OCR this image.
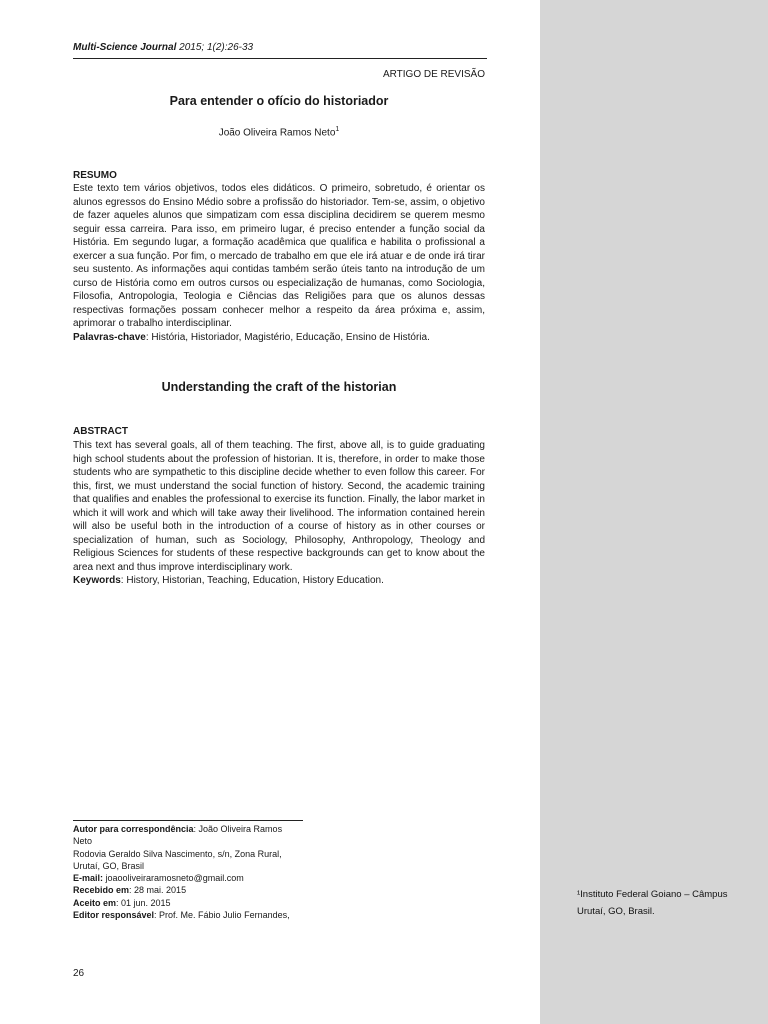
¹Instituto Federal Goiano – Câmpus Urutaí, GO, Brasil.
Multi-Science Journal 2015; 1(2):26-33
ARTIGO DE REVISÃO
Para entender o ofício do historiador
João Oliveira Ramos Neto$^1$
RESUMO
Este texto tem vários objetivos, todos eles didáticos. O primeiro, sobretudo, é orientar os alunos egressos do Ensino Médio sobre a profissão do historiador. Tem-se, assim, o objetivo de fazer aqueles alunos que simpatizam com essa disciplina decidirem se querem mesmo seguir essa carreira. Para isso, em primeiro lugar, é preciso entender a função social da História. Em segundo lugar, a formação acadêmica que qualifica e habilita o profissional a exercer a sua função. Por fim, o mercado de trabalho em que ele irá atuar e de onde irá tirar seu sustento. As informações aqui contidas também serão úteis tanto na introdução de um curso de História como em outros cursos ou especialização de humanas, como Sociologia, Filosofia, Antropologia, Teologia e Ciências das Religiões para que os alunos dessas respectivas formações possam conhecer melhor a respeito da área próxima e, assim, aprimorar o trabalho interdisciplinar.
Palavras-chave: História, Historiador, Magistério, Educação, Ensino de História.
Understanding the craft of the historian
ABSTRACT
This text has several goals, all of them teaching. The first, above all, is to guide graduating high school students about the profession of historian. It is, therefore, in order to make those students who are sympathetic to this discipline decide whether to even follow this career. For this, first, we must understand the social function of history. Second, the academic training that qualifies and enables the professional to exercise its function. Finally, the labor market in which it will work and which will take away their livelihood. The information contained herein will also be useful both in the introduction of a course of history as in other courses or specialization of human, such as Sociology, Philosophy, Anthropology, Theology and Religious Sciences for students of these respective backgrounds can get to know about the area next and thus improve interdisciplinary work.
Keywords: History, Historian, Teaching, Education, History Education.
Autor para correspondência: João Oliveira Ramos Neto
Rodovia Geraldo Silva Nascimento, s/n, Zona Rural,
Urutaí, GO, Brasil
E-mail: joaooliveiraramosneto@gmail.com
Recebido em: 28 mai. 2015
Aceito em: 01 jun. 2015
Editor responsável: Prof. Me. Fábio Julio Fernandes,
26
